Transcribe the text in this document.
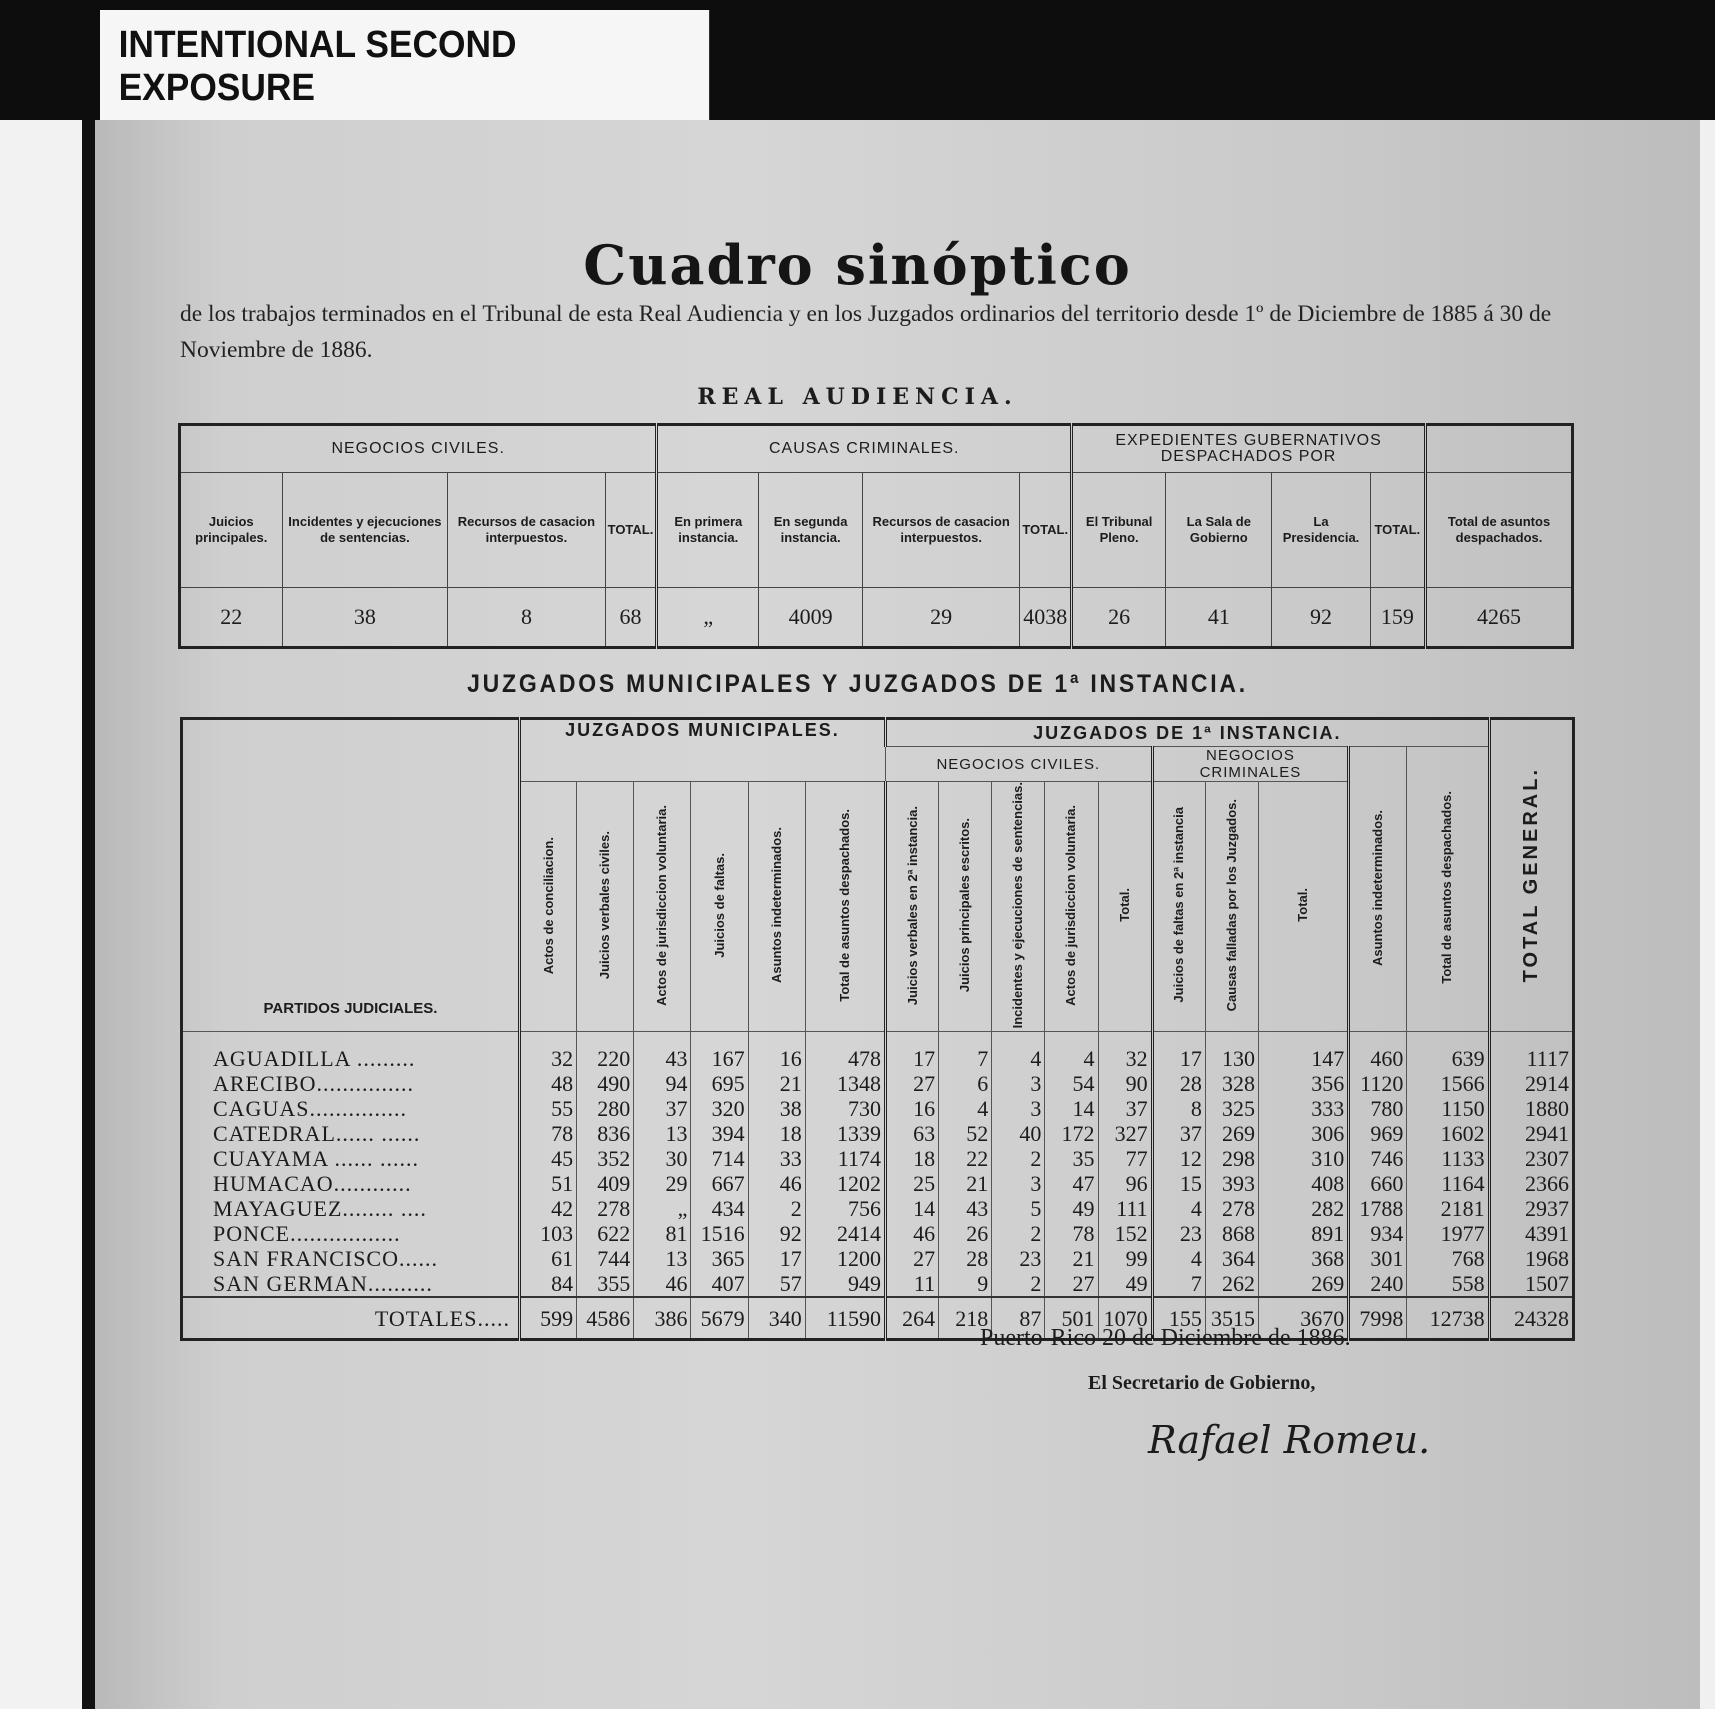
INTENTIONAL SECOND EXPOSURE
Cuadro sinóptico
de los trabajos terminados en el Tribunal de esta Real Audiencia y en los Juzgados ordinarios del territorio desde 1º de Diciembre de 1885 á 30 de Noviembre de 1886.
REAL AUDIENCIA.
NEGOCIOS CIVILES.				CAUSAS CRIMINALES.				EXPEDIENTES GUBERNATIVOS DESPACHADOS POR				
Juicios principales.	Incidentes y ejecuciones de sentencias.	Recursos de casacion interpuestos.	TOTAL.	En primera instancia.	En segunda instancia.	Recursos de casacion interpuestos.	TOTAL.	El Tribunal Pleno.	La Sala de Gobierno	La Presidencia.	TOTAL.	Total de asuntos despachados.
22	38	8	68	„	4009	29	4038	26	41	92	159	4265
JUZGADOS MUNICIPALES Y JUZGADOS DE 1ª INSTANCIA.
PARTIDOS JUDICIALES.	JUZGADOS MUNICIPALES.						JUZGADOS DE 1ª INSTANCIA.										TOTAL GENERAL.
							NEGOCIOS CIVILES.					NEGOCIOS CRIMINALES			Asuntos indeterminados.	Total de asuntos despachados.	
	Actos de conciliacion.	Juicios verbales civiles.	Actos de jurisdiccion voluntaria.	Juicios de faltas.	Asuntos indeterminados.	Total de asuntos despachados.	Juicios verbales en 2ª instancia.	Juicios principales escritos.	Incidentes y ejecuciones de sentencias.	Actos de jurisdiccion voluntaria.	Total.	Juicios de faltas en 2ª instancia	Causas falladas por los Juzgados.	Total.			
AGUADILLA .........	32	220	43	167	16	478	17	7	4	4	32	17	130	147	460	639	1117
ARECIBO...............	48	490	94	695	21	1348	27	6	3	54	90	28	328	356	1120	1566	2914
CAGUAS...............	55	280	37	320	38	730	16	4	3	14	37	8	325	333	780	1150	1880
CATEDRAL...... ......	78	836	13	394	18	1339	63	52	40	172	327	37	269	306	969	1602	2941
CUAYAMA ...... ......	45	352	30	714	33	1174	18	22	2	35	77	12	298	310	746	1133	2307
HUMACAO............	51	409	29	667	46	1202	25	21	3	47	96	15	393	408	660	1164	2366
MAYAGUEZ........ ....	42	278	„	434	2	756	14	43	5	49	111	4	278	282	1788	2181	2937
PONCE.................	103	622	81	1516	92	2414	46	26	2	78	152	23	868	891	934	1977	4391
SAN FRANCISCO......	61	744	13	365	17	1200	27	28	23	21	99	4	364	368	301	768	1968
SAN GERMAN..........	84	355	46	407	57	949	11	9	2	27	49	7	262	269	240	558	1507
TOTALES.....	599	4586	386	5679	340	11590	264	218	87	501	1070	155	3515	3670	7998	12738	24328
Puerto-Rico 20 de Diciembre de 1886.
El Secretario de Gobierno,
Rafael Romeu.
